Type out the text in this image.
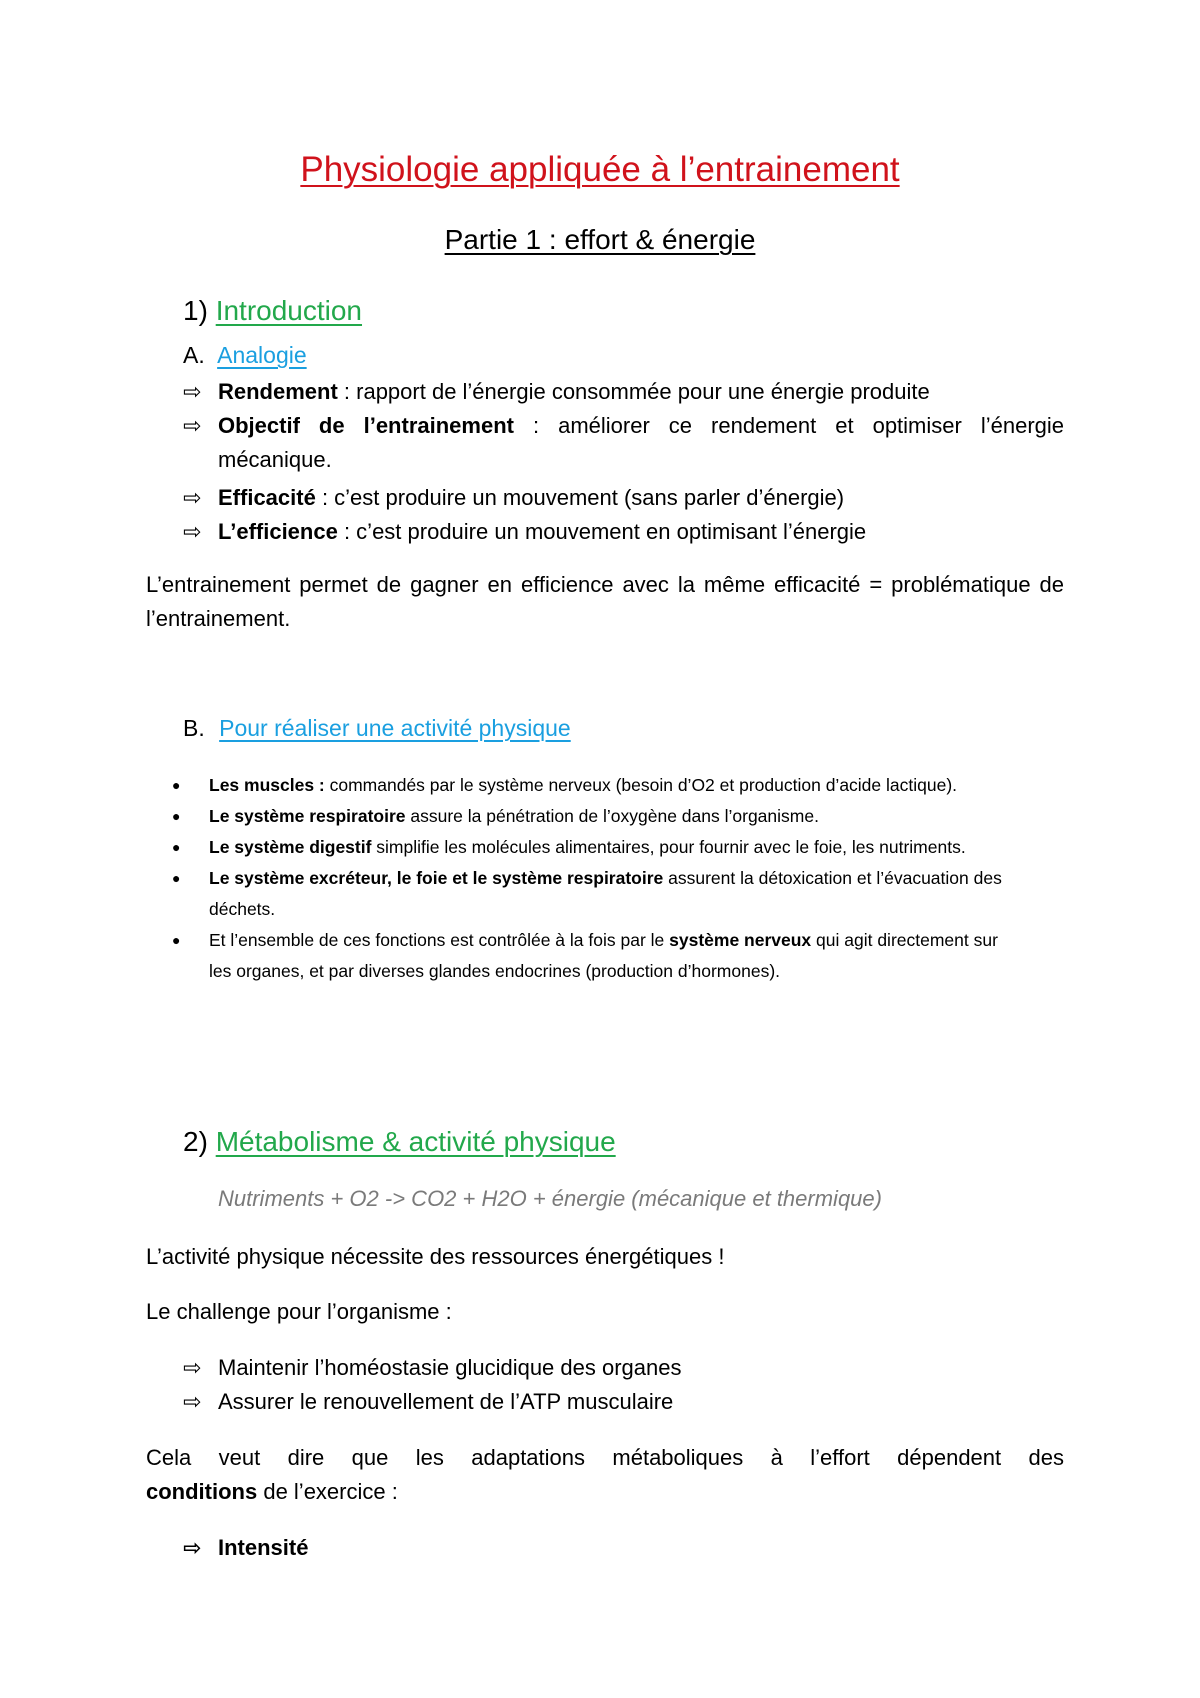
Physiologie appliquée à l’entrainement
Partie 1 : effort & énergie
1) Introduction
A. Analogie
⇨ Rendement : rapport de l’énergie consommée pour une énergie produite
⇨ Objectif de l’entrainement : améliorer ce rendement et optimiser l’énergie mécanique.
⇨ Efficacité : c’est produire un mouvement (sans parler d’énergie)
⇨ L’efficience : c’est produire un mouvement en optimisant l’énergie
L’entrainement permet de gagner en efficience avec la même efficacité = problématique de l’entrainement.
B. Pour réaliser une activité physique
● Les muscles : commandés par le système nerveux (besoin d’O2 et production d’acide lactique).
● Le système respiratoire assure la pénétration de l’oxygène dans l’organisme.
● Le système digestif simplifie les molécules alimentaires, pour fournir avec le foie, les nutriments.
● Le système excréteur, le foie et le système respiratoire assurent la détoxication et l’évacuation des déchets.
● Et l’ensemble de ces fonctions est contrôlée à la fois par le système nerveux qui agit directement sur les organes, et par diverses glandes endocrines (production d’hormones).
2) Métabolisme & activité physique
Nutriments + O2 -> CO2 + H2O + énergie (mécanique et thermique)
L’activité physique nécessite des ressources énergétiques !
Le challenge pour l’organisme :
⇨ Maintenir l’homéostasie glucidique des organes
⇨ Assurer le renouvellement de l’ATP musculaire
Cela veut dire que les adaptations métaboliques à l’effort dépendent des
conditions de l’exercice :
⇨ Intensité
